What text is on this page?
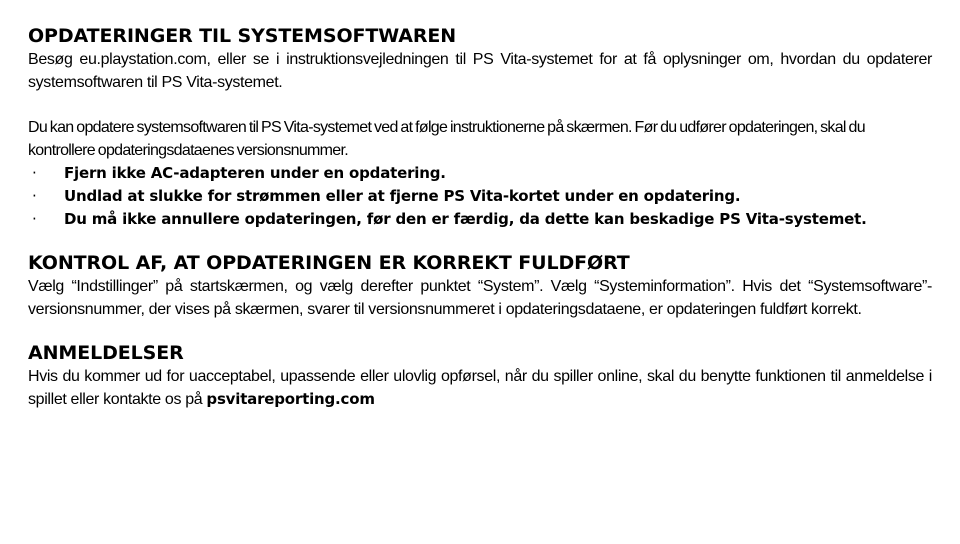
OPDATERINGER TIL SYSTEMSOFTWAREN

Besøg eu.playstation.com, eller se i instruktionsvejledningen til PS Vita-systemet for at få oplysninger om, hvordan du opdaterer systemsoftwaren til PS Vita-systemet.

Du kan opdatere systemsoftwaren til PS Vita-systemet ved at følge instruktionerne på skærmen. Før du udfører opdateringen, skal du kontrollere opdateringsdataenes versionsnummer.

· Fjern ikke AC-adapteren under en opdatering.
· Undlad at slukke for strømmen eller at fjerne PS Vita-kortet under en opdatering.
· Du må ikke annullere opdateringen, før den er færdig, da dette kan beskadige PS Vita-systemet.
KONTROL AF, AT OPDATERINGEN ER KORREKT FULDFØRT

Vælg “Indstillinger” på startskærmen, og vælg derefter punktet “System”. Vælg “Systeminformation”. Hvis det “Systemsoftware”-versionsnummer, der vises på skærmen, svarer til versionsnummeret i opdateringsdataene, er opdateringen fuldført korrekt.

ANMELDELSER

Hvis du kommer ud for uacceptabel, upassende eller ulovlig opførsel, når du spiller online, skal du benytte funktionen til anmeldelse i spillet eller kontakte os på psvitareporting.com
